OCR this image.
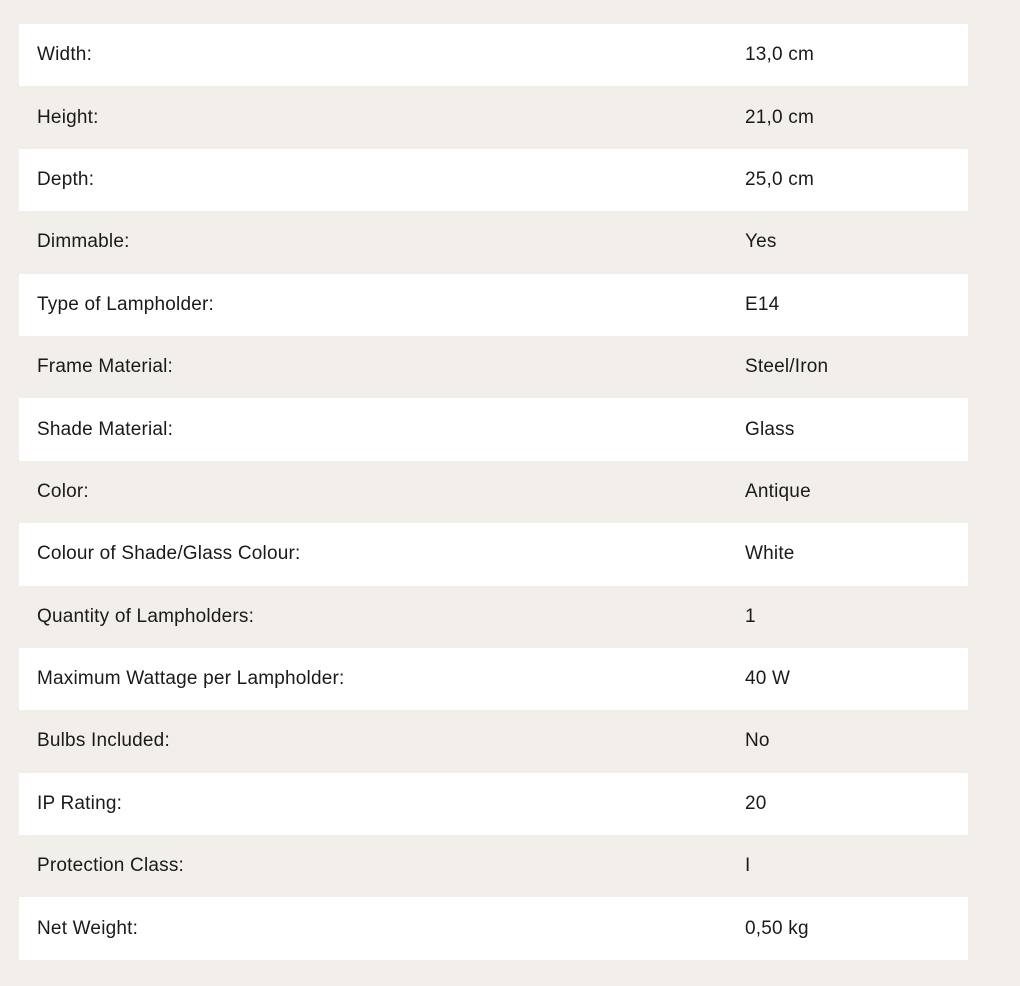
Width:	13,0 cm
Height:	21,0 cm
Depth:	25,0 cm
Dimmable:	Yes
Type of Lampholder:	E14
Frame Material:	Steel/Iron
Shade Material:	Glass
Color:	Antique
Colour of Shade/Glass Colour:	White
Quantity of Lampholders:	1
Maximum Wattage per Lampholder:	40 W
Bulbs Included:	No
IP Rating:	20
Protection Class:	I
Net Weight:	0,50 kg
